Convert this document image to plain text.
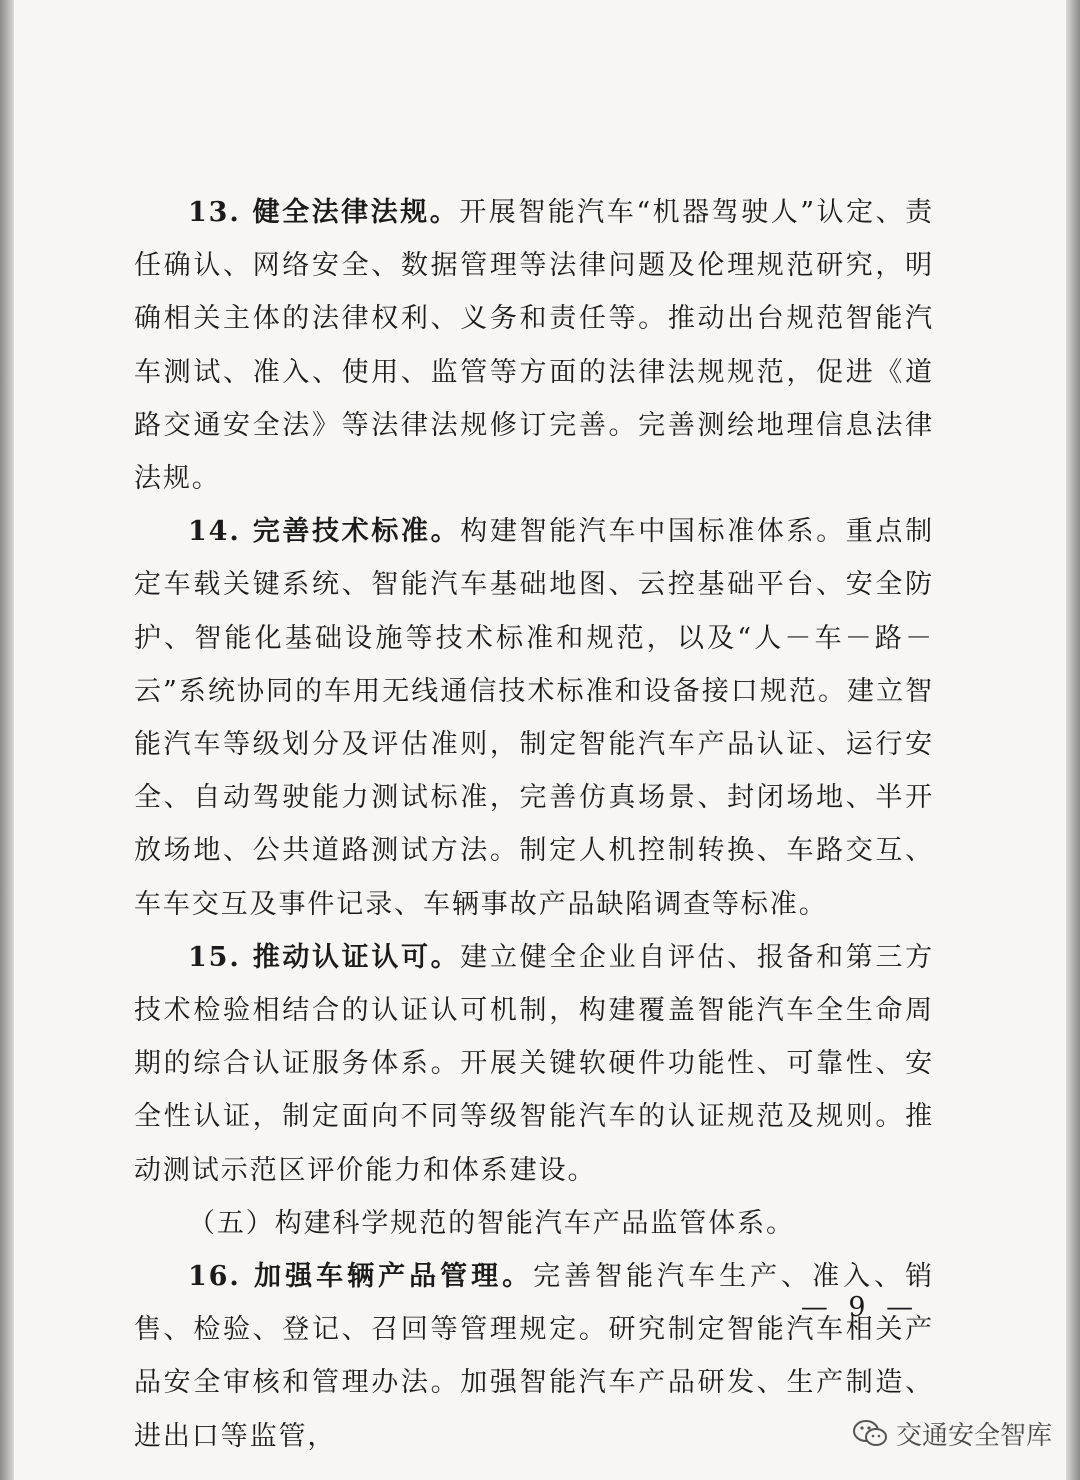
13. 健全法律法规。开展智能汽车“机器驾驶人”认定、责任确认、网络安全、数据管理等法律问题及伦理规范研究，明确相关主体的法律权利、义务和责任等。推动出台规范智能汽车测试、准入、使用、监管等方面的法律法规规范，促进《道路交通安全法》等法律法规修订完善。完善测绘地理信息法律法规。

14. 完善技术标准。构建智能汽车中国标准体系。重点制定车载关键系统、智能汽车基础地图、云控基础平台、安全防护、智能化基础设施等技术标准和规范，以及“人－车－路－云”系统协同的车用无线通信技术标准和设备接口规范。建立智能汽车等级划分及评估准则，制定智能汽车产品认证、运行安全、自动驾驶能力测试标准，完善仿真场景、封闭场地、半开放场地、公共道路测试方法。制定人机控制转换、车路交互、车车交互及事件记录、车辆事故产品缺陷调查等标准。

15. 推动认证认可。建立健全企业自评估、报备和第三方技术检验相结合的认证认可机制，构建覆盖智能汽车全生命周期的综合认证服务体系。开展关键软硬件功能性、可靠性、安全性认证，制定面向不同等级智能汽车的认证规范及规则。推动测试示范区评价能力和体系建设。

（五）构建科学规范的智能汽车产品监管体系。

16. 加强车辆产品管理。完善智能汽车生产、准入、销售、检验、登记、召回等管理规定。研究制定智能汽车相关产品安全审核和管理办法。加强智能汽车产品研发、生产制造、进出口等监管，

— 9 —
交通安全智库
